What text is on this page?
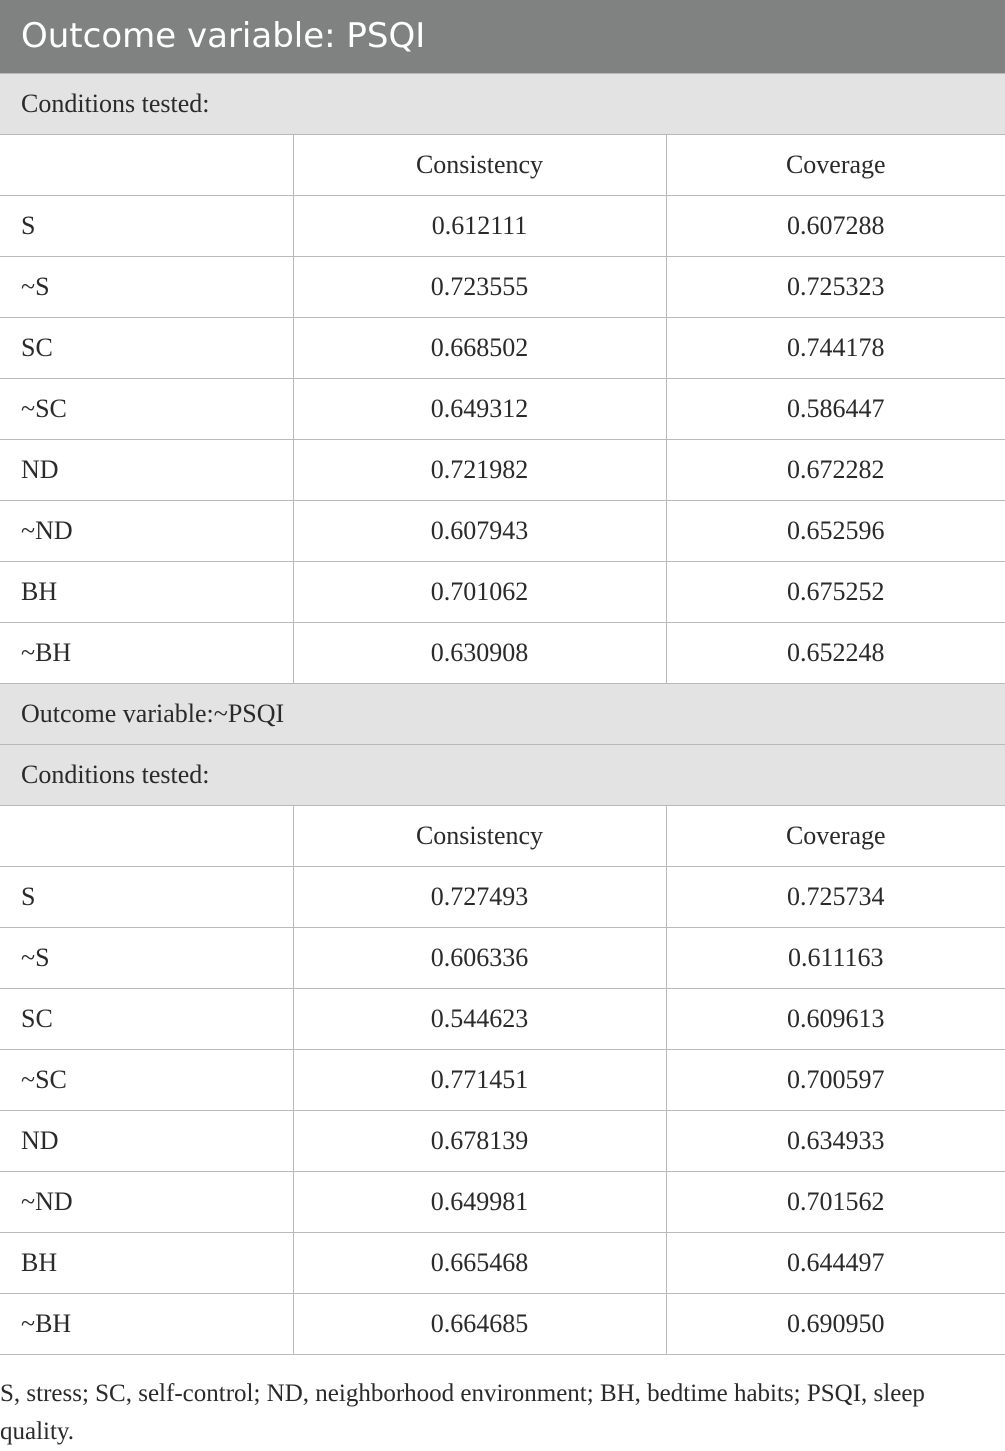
Outcome variable: PSQI
Conditions tested:		
	Consistency	Coverage
S	0.612111	0.607288
~S	0.723555	0.725323
SC	0.668502	0.744178
~SC	0.649312	0.586447
ND	0.721982	0.672282
~ND	0.607943	0.652596
BH	0.701062	0.675252
~BH	0.630908	0.652248
Outcome variable:~PSQI		
Conditions tested:		
	Consistency	Coverage
S	0.727493	0.725734
~S	0.606336	0.611163
SC	0.544623	0.609613
~SC	0.771451	0.700597
ND	0.678139	0.634933
~ND	0.649981	0.701562
BH	0.665468	0.644497
~BH	0.664685	0.690950
S, stress; SC, self-control; ND, neighborhood environment; BH, bedtime habits; PSQI, sleep quality.
